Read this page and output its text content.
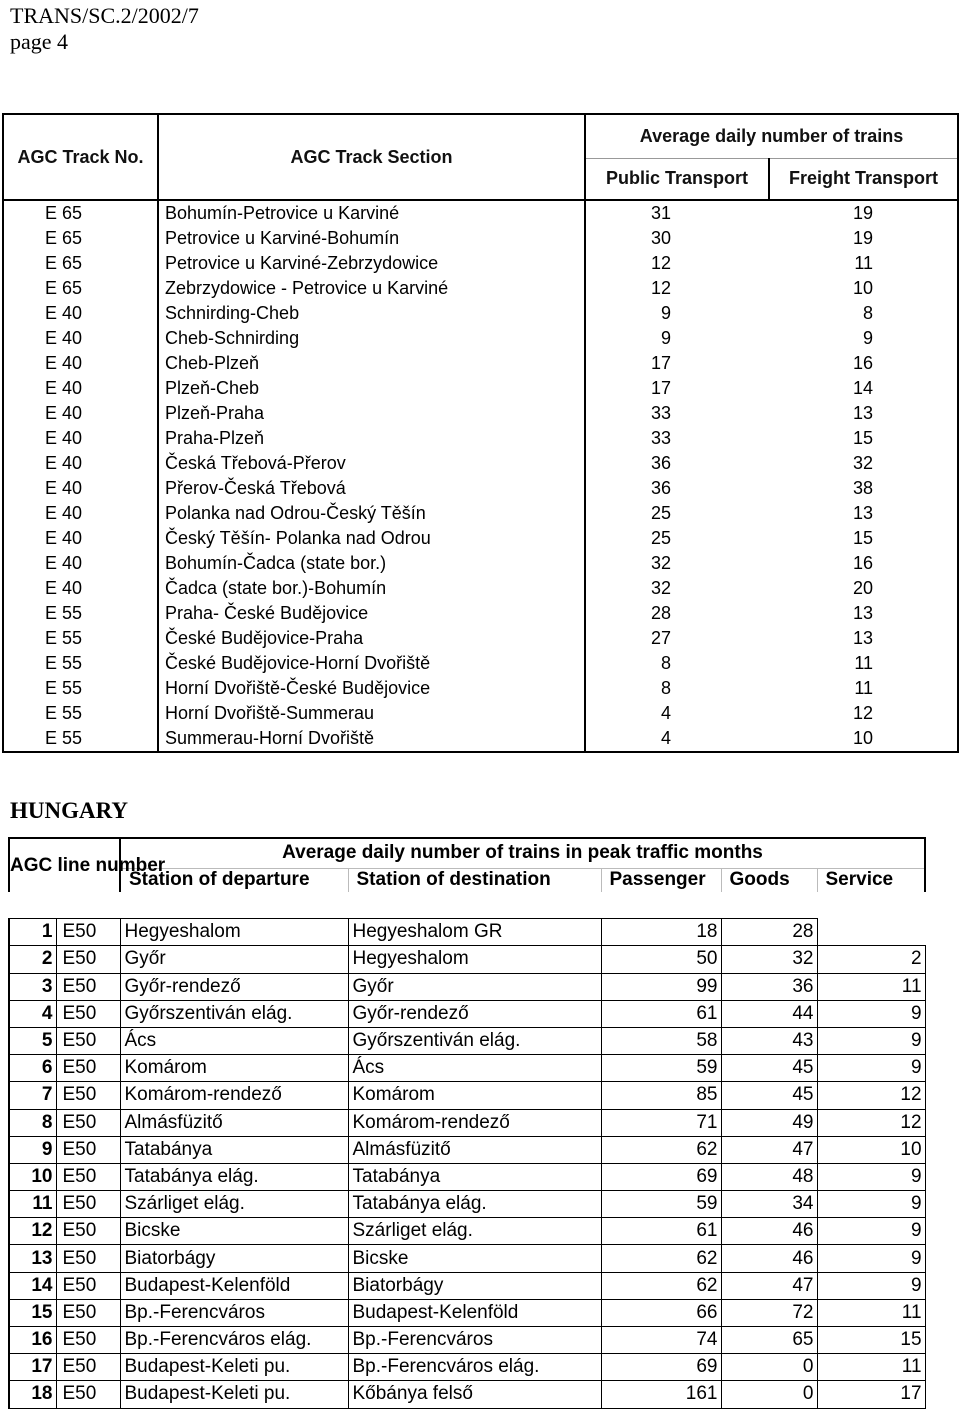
TRANS/SC.2/2002/7
page 4
AGC Track No.	AGC Track Section	Average daily number of trains	
		Public Transport	Freight Transport
E 65	Bohumín-Petrovice u Karviné	31	19
E 65	Petrovice u Karviné-Bohumín	30	19
E 65	Petrovice u Karviné-Zebrzydowice	12	11
E 65	Zebrzydowice - Petrovice u Karviné	12	10
E 40	Schnirding-Cheb	9	8
E 40	Cheb-Schnirding	9	9
E 40	Cheb-Plzeň	17	16
E 40	Plzeň-Cheb	17	14
E 40	Plzeň-Praha	33	13
E 40	Praha-Plzeň	33	15
E 40	Česká Třebová-Přerov	36	32
E 40	Přerov-Česká Třebová	36	38
E 40	Polanka nad Odrou-Český Těšín	25	13
E 40	Český Těšín- Polanka nad Odrou	25	15
E 40	Bohumín-Čadca (state bor.)	32	16
E 40	Čadca (state bor.)-Bohumín	32	20
E 55	Praha- České Budějovice	28	13
E 55	České Budějovice-Praha	27	13
E 55	České Budějovice-Horní Dvořiště	8	11
E 55	Horní Dvořiště-České Budějovice	8	11
E 55	Horní Dvořiště-Summerau	4	12
E 55	Summerau-Horní Dvořiště	4	10
HUNGARY
AGC line number		Average daily number of trains in peak traffic months				
		Station of departure	Station of destination	Passenger	Goods	Service

1	E50	Hegyeshalom	Hegyeshalom GR	18	28	
2	E50	Győr	Hegyeshalom	50	32	2
3	E50	Győr-rendező	Győr	99	36	11
4	E50	Győrszentiván elág.	Győr-rendező	61	44	9
5	E50	Ács	Győrszentiván elág.	58	43	9
6	E50	Komárom	Ács	59	45	9
7	E50	Komárom-rendező	Komárom	85	45	12
8	E50	Almásfüzitő	Komárom-rendező	71	49	12
9	E50	Tatabánya	Almásfüzitő	62	47	10
10	E50	Tatabánya elág.	Tatabánya	69	48	9
11	E50	Szárliget elág.	Tatabánya elág.	59	34	9
12	E50	Bicske	Szárliget elág.	61	46	9
13	E50	Biatorbágy	Bicske	62	46	9
14	E50	Budapest-Kelenföld	Biatorbágy	62	47	9
15	E50	Bp.-Ferencváros	Budapest-Kelenföld	66	72	11
16	E50	Bp.-Ferencváros elág.	Bp.-Ferencváros	74	65	15
17	E50	Budapest-Keleti pu.	Bp.-Ferencváros elág.	69	0	11
18	E50	Budapest-Keleti pu.	Kőbánya felső	161	0	17
